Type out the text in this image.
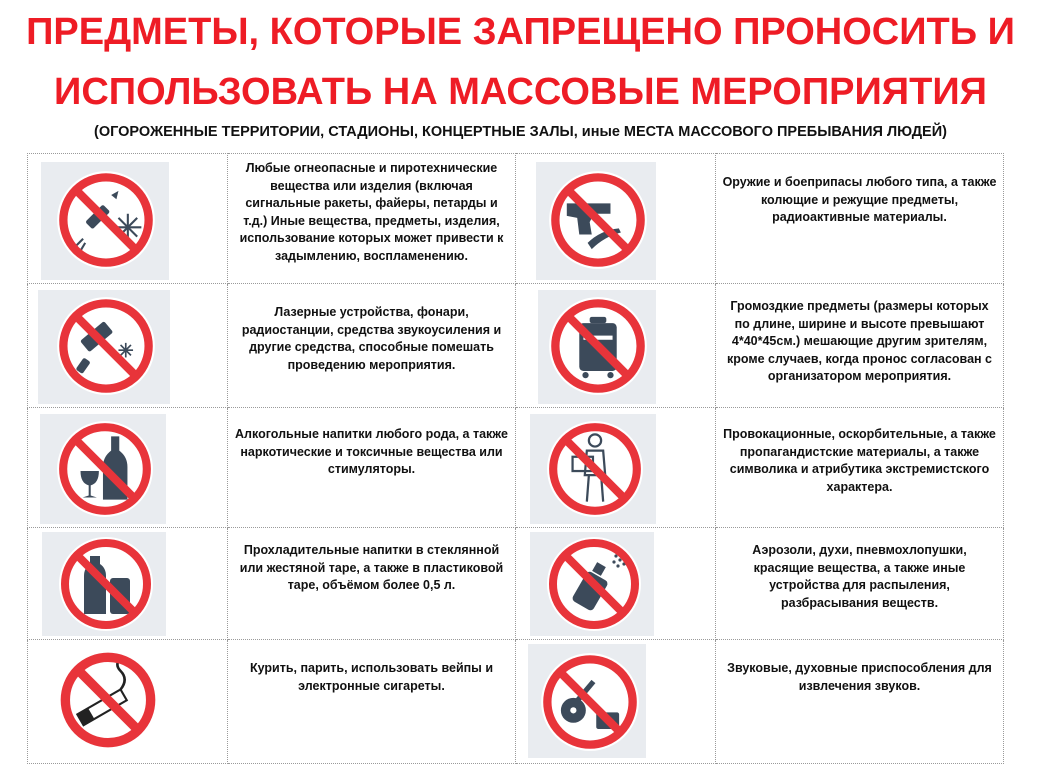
ПРЕДМЕТЫ, КОТОРЫЕ ЗАПРЕЩЕНО ПРОНОСИТЬ И
ИСПОЛЬЗОВАТЬ НА МАССОВЫЕ МЕРОПРИЯТИЯ
(ОГОРОЖЕННЫЕ ТЕРРИТОРИИ, СТАДИОНЫ, КОНЦЕРТНЫЕ ЗАЛЫ, иные МЕСТА МАССОВОГО ПРЕБЫВАНИЯ ЛЮДЕЙ)

Любые огнеопасные и пиротехнические вещества или изделия (включая сигнальные ракеты, файеры, петарды и т.д.) Иные вещества, предметы, изделия, использование которых может привести к задымлению, воспламенению.		Оружие и боеприпасы любого типа, а также колющие и режущие предметы, радиоактивные материалы.

Лазерные устройства, фонари, радиостанции, средства звукоусиления и другие средства, способные помешать проведению мероприятия.		Громоздкие предметы (размеры которых по длине, ширине и высоте превышают 4*40*45см.) мешающие другим зрителям, кроме случаев, когда пронос согласован с организатором мероприятия.

Алкогольные напитки любого рода, а также наркотические и токсичные вещества или стимуляторы.		Провокационные, оскорбительные, а также пропагандистские материалы, а также символика и атрибутика экстремистского характера.

Прохладительные напитки в стеклянной или жестяной таре, а также в пластиковой таре, объёмом более 0,5 л.		Аэрозоли, духи, пневмохлопушки, красящие вещества, а также иные устройства для распыления, разбрасывания веществ.

Курить, парить, использовать вейпы и электронные сигареты.		Звуковые, духовные приспособления для извлечения звуков.
